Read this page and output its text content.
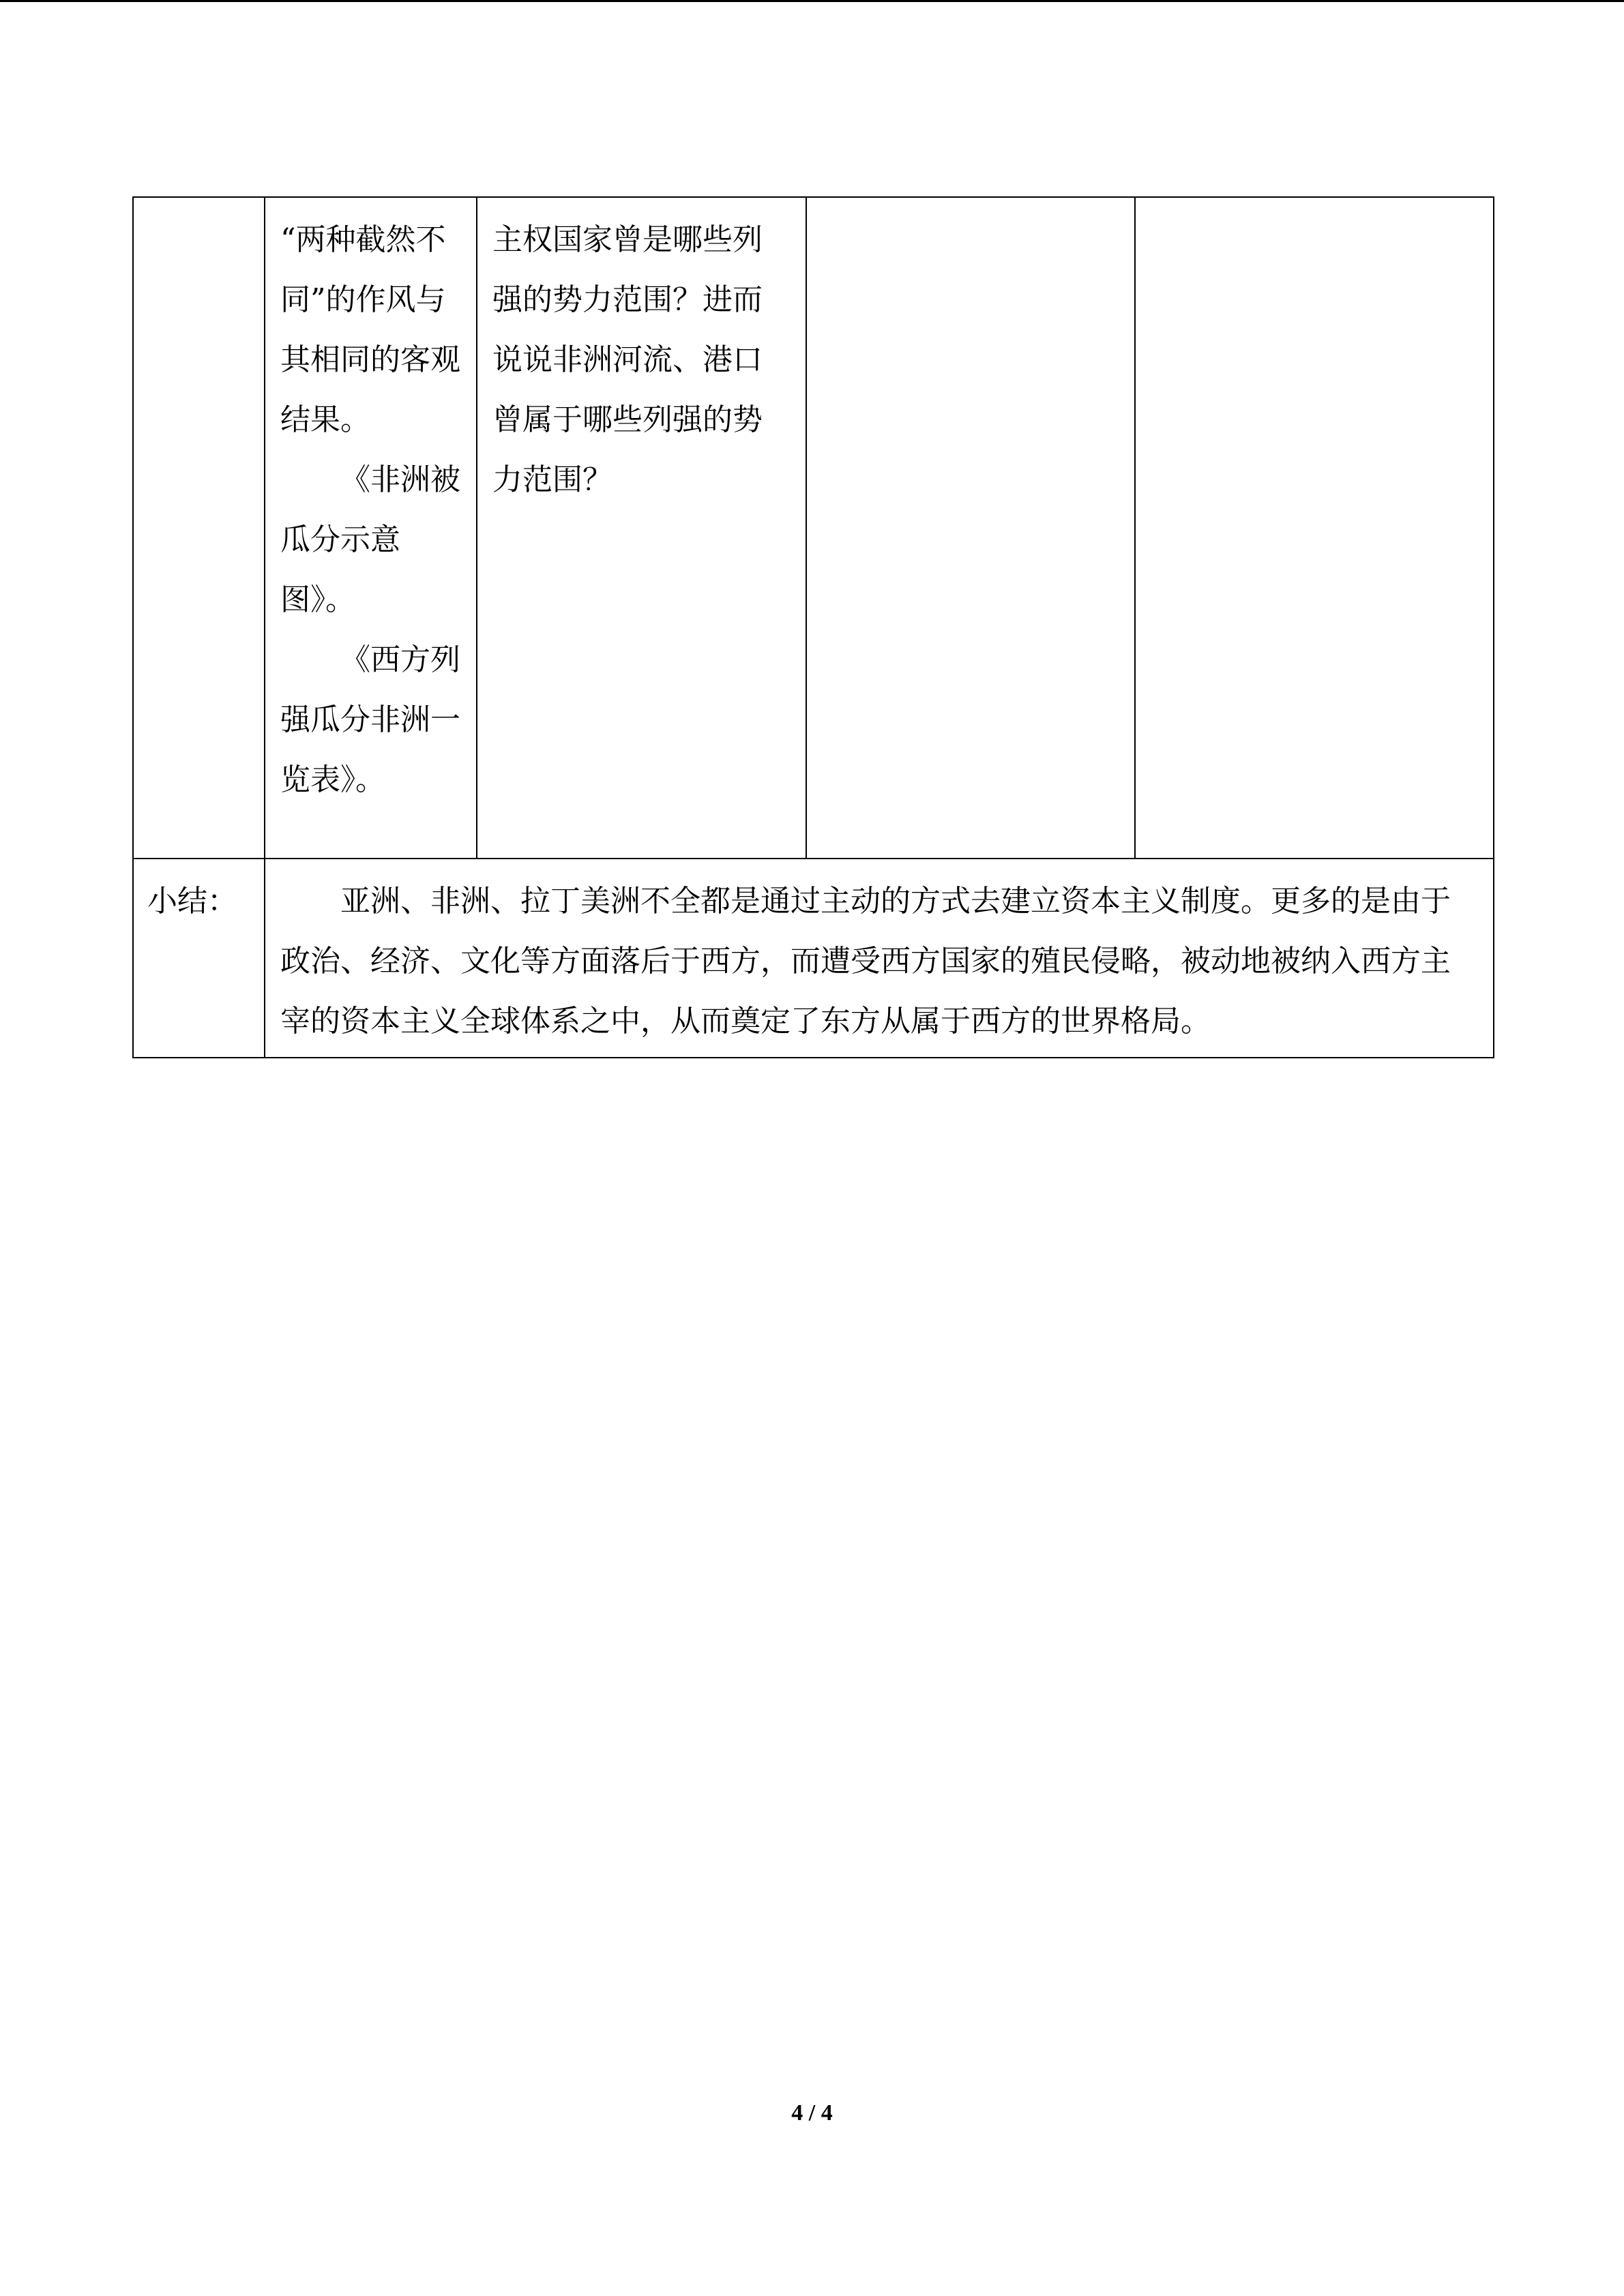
	“两种截然不同”的作风与其相同的客观结果。

《非洲被瓜分示意图》。

《西方列强瓜分非洲一览表》。	主权国家曾是哪些列强的势力范围？进而说说非洲河流、港口曾属于哪些列强的势力范围？		

小结：	亚洲、非洲、拉丁美洲不全都是通过主动的方式去建立资本主义制度。更多的是由于政治、经济、文化等方面落后于西方，而遭受西方国家的殖民侵略，被动地被纳入西方主宰的资本主义全球体系之中，从而奠定了东方从属于西方的世界格局。			

4 / 4
